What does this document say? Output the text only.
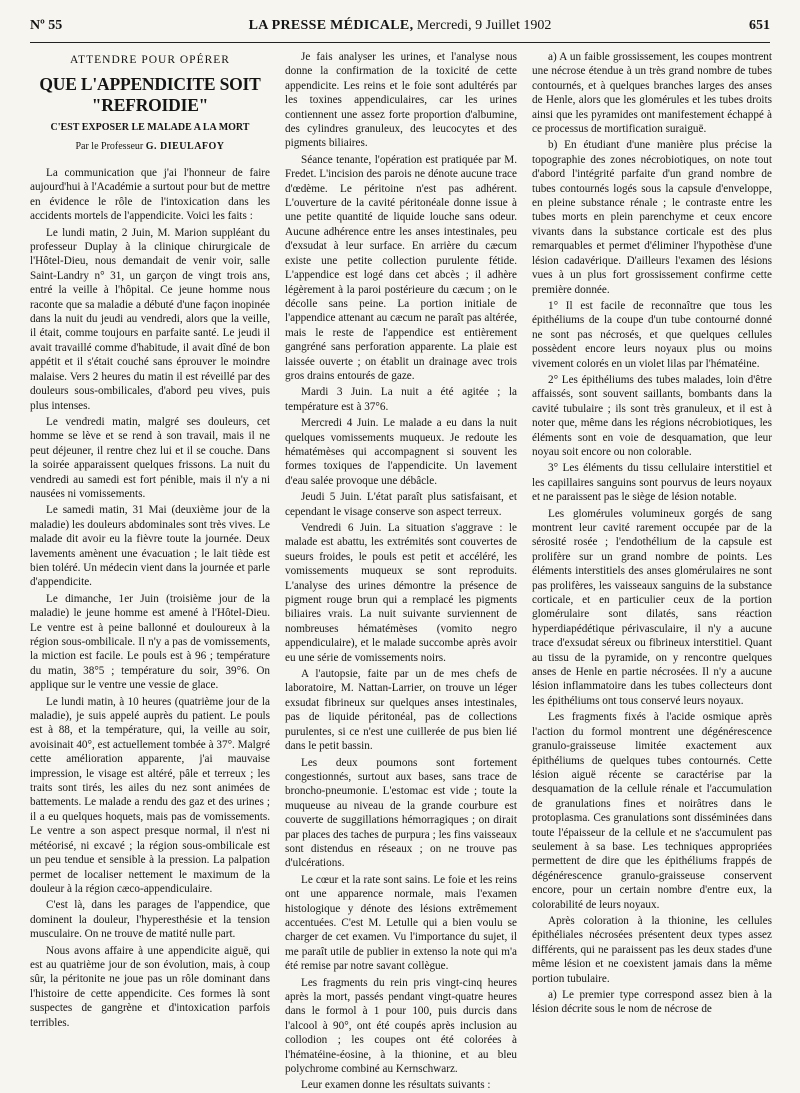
Nº 55	LA PRESSE MÉDICALE, Mercredi, 9 Juillet 1902	651
ATTENDRE POUR OPÉRER
QUE L'APPENDICITE SOIT "REFROIDIE"
C'EST EXPOSER LE MALADE A LA MORT
Par le Professeur G. DIEULAFOY

La communication que j'ai l'honneur de faire aujourd'hui à l'Académie a surtout pour but de mettre en évidence le rôle de l'intoxication dans les accidents mortels de l'appendicite. Voici les faits :

Le lundi matin, 2 Juin, M. Marion suppléant du professeur Duplay à la clinique chirurgicale de l'Hôtel-Dieu, nous demandait de venir voir, salle Saint-Landry n° 31, un garçon de vingt trois ans, entré la veille à l'hôpital. Ce jeune homme nous raconte que sa maladie a débuté d'une façon inopinée dans la nuit du jeudi au vendredi, alors que la veille, il était, comme toujours en parfaite santé. Le jeudi il avait travaillé comme d'habitude, il avait dîné de bon appétit et il s'était couché sans éprouver le moindre malaise. Vers 2 heures du matin il est réveillé par des douleurs sous-ombilicales, d'abord peu vives, puis plus intenses.

Le vendredi matin, malgré ses douleurs, cet homme se lève et se rend à son travail, mais il ne peut déjeuner, il rentre chez lui et il se couche. Dans la soirée apparaissent quelques frissons. La nuit du vendredi au samedi est fort pénible, mais il n'y a ni nausées ni vomissements.

Le samedi matin, 31 Mai (deuxième jour de la maladie) les douleurs abdominales sont très vives. Le malade dit avoir eu la fièvre toute la journée. Deux lavements amènent une évacuation ; le lait tiède est bien toléré. Un médecin vient dans la journée et parle d'appendicite.

Le dimanche, 1er Juin (troisième jour de la maladie) le jeune homme est amené à l'Hôtel-Dieu. Le ventre est à peine ballonné et douloureux à la région sous-ombilicale. Il n'y a pas de vomissements, la miction est facile. Le pouls est à 96 ; température du matin, 38°5 ; température du soir, 39°6. On applique sur le ventre une vessie de glace.

Le lundi matin, à 10 heures (quatrième jour de la maladie), je suis appelé auprès du patient. Le pouls est à 88, et la température, qui, la veille au soir, avoisinait 40°, est actuellement tombée à 37°. Malgré cette amélioration apparente, j'ai mauvaise impression, le visage est altéré, pâle et terreux ; les traits sont tirés, les ailes du nez sont animées de battements. Le malade a rendu des gaz et des urines ; il a eu quelques hoquets, mais pas de vomissements. Le ventre a son aspect presque normal, il n'est ni météorisé, ni excavé ; la région sous-ombilicale est un peu tendue et sensible à la pression. La palpation permet de localiser nettement le maximum de la douleur à la région cæco-appendiculaire.

C'est là, dans les parages de l'appendice, que dominent la douleur, l'hyperesthésie et la tension musculaire. On ne trouve de matité nulle part.

Nous avons affaire à une appendicite aiguë, qui est au quatrième jour de son évolution, mais, à coup sûr, la péritonite ne joue pas un rôle dominant dans l'histoire de cette appendicite. Ces formes là sont suspectes de gangrène et d'intoxication parfois terribles.

Je fais analyser les urines, et l'analyse nous donne la confirmation de la toxicité de cette appendicite. Les reins et le foie sont adultérés par les toxines appendiculaires, car les urines contiennent une assez forte proportion d'albumine, des cylindres granuleux, des leucocytes et des pigments biliaires.

Séance tenante, l'opération est pratiquée par M. Fredet. L'incision des parois ne dénote aucune trace d'œdème. Le péritoine n'est pas adhérent. L'ouverture de la cavité péritonéale donne issue à une petite quantité de liquide louche sans odeur. Aucune adhérence entre les anses intestinales, peu d'exsudat à leur surface. En arrière du cæcum existe une petite collection purulente fétide. L'appendice est logé dans cet abcès ; il adhère légèrement à la paroi postérieure du cæcum ; on le décolle sans peine. La portion initiale de l'appendice attenant au cæcum ne paraît pas altérée, mais le reste de l'appendice est entièrement gangréné sans perforation apparente. La plaie est laissée ouverte ; on établit un drainage avec trois gros drains entourés de gaze.

Mardi 3 Juin. La nuit a été agitée ; la température est à 37°6.

Mercredi 4 Juin. Le malade a eu dans la nuit quelques vomissements muqueux. Je redoute les hématémèses qui accompagnent si souvent les formes toxiques de l'appendicite. Un lavement d'eau salée provoque une débâcle.

Jeudi 5 Juin. L'état paraît plus satisfaisant, et cependant le visage conserve son aspect terreux.

Vendredi 6 Juin. La situation s'aggrave : le malade est abattu, les extrémités sont couvertes de sueurs froides, le pouls est petit et accéléré, les vomissements muqueux se sont reproduits. L'analyse des urines démontre la présence de pigment rouge brun qui a remplacé les pigments biliaires vrais. La nuit suivante surviennent de nombreuses hématémèses (vomito negro appendiculaire), et le malade succombe après avoir eu une série de vomissements noirs.

A l'autopsie, faite par un de mes chefs de laboratoire, M. Nattan-Larrier, on trouve un léger exsudat fibrineux sur quelques anses intestinales, pas de liquide péritonéal, pas de collections purulentes, si ce n'est une cuillerée de pus bien lié dans le petit bassin.

Les deux poumons sont fortement congestionnés, surtout aux bases, sans trace de broncho-pneumonie. L'estomac est vide ; toute la muqueuse au niveau de la grande courbure est couverte de suggillations hémorragiques ; on dirait par places des taches de purpura ; les fins vaisseaux sont distendus en réseaux ; on ne trouve pas d'ulcérations.

Le cœur et la rate sont sains. Le foie et les reins ont une apparence normale, mais l'examen histologique y dénote des lésions extrêmement accentuées. C'est M. Letulle qui a bien voulu se charger de cet examen. Vu l'importance du sujet, il me paraît utile de publier in extenso la note qui m'a été remise par notre savant collègue.

Les fragments du rein pris vingt-cinq heures après la mort, passés pendant vingt-quatre heures dans le formol à 1 pour 100, puis durcis dans l'alcool à 90°, ont été coupés après inclusion au collodion ; les coupes ont été colorées à l'hématéine-éosine, à la thionine, et au bleu polychrome combiné au Kernschwarz.

Leur examen donne les résultats suivants :

a) A un faible grossissement, les coupes montrent une nécrose étendue à un très grand nombre de tubes contournés, et à quelques branches larges des anses de Henle, alors que les glomérules et les tubes droits ainsi que les pyramides ont manifestement échappé à ce processus de mortification suraiguë.

b) En étudiant d'une manière plus précise la topographie des zones nécrobiotiques, on note tout d'abord l'intégrité parfaite d'un grand nombre de tubes contournés logés sous la capsule d'enveloppe, en pleine substance rénale ; le contraste entre les tubes morts en plein parenchyme et ceux encore vivants dans la substance corticale est des plus remarquables et permet d'éliminer l'hypothèse d'une lésion cadavérique. D'ailleurs l'examen des lésions vues à un plus fort grossissement confirme cette première donnée.

1° Il est facile de reconnaître que tous les épithéliums de la coupe d'un tube contourné donné ne sont pas nécrosés, et que quelques cellules possèdent encore leurs noyaux plus ou moins vivement colorés en un violet lilas par l'hématéine.

2° Les épithéliums des tubes malades, loin d'être affaissés, sont souvent saillants, bombants dans la cavité tubulaire ; ils sont très granuleux, et il est à noter que, même dans les régions nécrobiotiques, les éléments sont en voie de desquamation, que leur noyau soit encore ou non colorable.

3° Les éléments du tissu cellulaire interstitiel et les capillaires sanguins sont pourvus de leurs noyaux et ne paraissent pas le siège de lésion notable.

Les glomérules volumineux gorgés de sang montrent leur cavité rarement occupée par de la sérosité rosée ; l'endothélium de la capsule est prolifère sur un grand nombre de points. Les éléments interstitiels des anses glomérulaires ne sont pas prolifères, les vaisseaux sanguins de la substance corticale, et en particulier ceux de la portion glomérulaire sont dilatés, sans réaction hyperdiapédétique périvasculaire, il n'y a aucune trace d'exsudat séreux ou fibrineux interstitiel. Quant au tissu de la pyramide, on y rencontre quelques anses de Henle en partie nécrosées. Il n'y a aucune lésion inflammatoire dans les tubes collecteurs dont les épithéliums ont tous conservé leurs noyaux.

Les fragments fixés à l'acide osmique après l'action du formol montrent une dégénérescence granulo-graisseuse limitée exactement aux épithéliums de quelques tubes contournés. Cette lésion aiguë récente se caractérise par la desquamation de la cellule rénale et l'accumulation de granulations fines et noirâtres dans le protoplasma. Ces granulations sont disséminées dans toute l'épaisseur de la cellule et ne s'accumulent pas seulement à sa base. Les techniques appropriées permettent de dire que les épithéliums frappés de dégénérescence granulo-graisseuse conservent encore, pour un certain nombre d'entre eux, la colorabilité de leurs noyaux.

Après coloration à la thionine, les cellules épithéliales nécrosées présentent deux types assez différents, qui ne paraissent pas les deux stades d'une même lésion et ne coexistent jamais dans la même portion tubulaire.

a) Le premier type correspond assez bien à la lésion décrite sous le nom de nécrose de
